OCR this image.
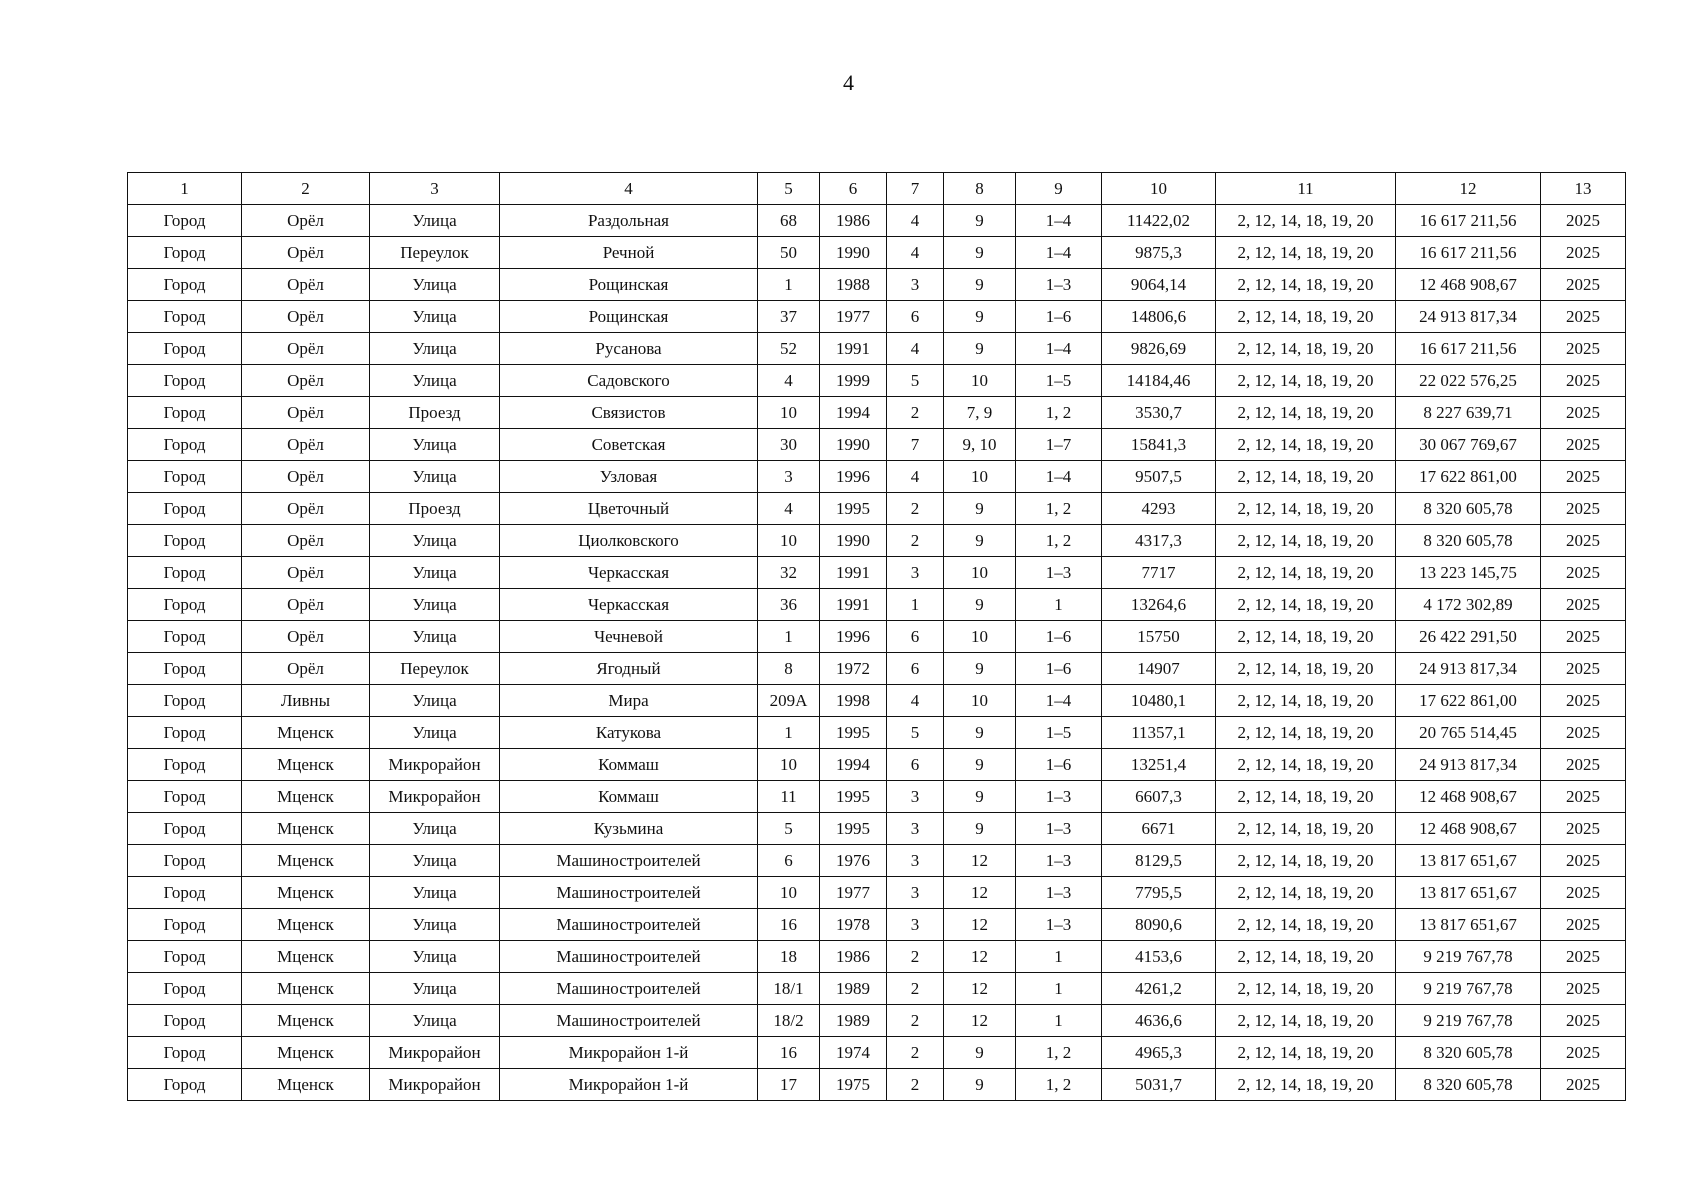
4
1	2	3	4	5	6	7	8	9	10	11	12	13
Город	Орёл	Улица	Раздольная	68	1986	4	9	1–4	11422,02	2, 12, 14, 18, 19, 20	16 617 211,56	2025
Город	Орёл	Переулок	Речной	50	1990	4	9	1–4	9875,3	2, 12, 14, 18, 19, 20	16 617 211,56	2025
Город	Орёл	Улица	Рощинская	1	1988	3	9	1–3	9064,14	2, 12, 14, 18, 19, 20	12 468 908,67	2025
Город	Орёл	Улица	Рощинская	37	1977	6	9	1–6	14806,6	2, 12, 14, 18, 19, 20	24 913 817,34	2025
Город	Орёл	Улица	Русанова	52	1991	4	9	1–4	9826,69	2, 12, 14, 18, 19, 20	16 617 211,56	2025
Город	Орёл	Улица	Садовского	4	1999	5	10	1–5	14184,46	2, 12, 14, 18, 19, 20	22 022 576,25	2025
Город	Орёл	Проезд	Связистов	10	1994	2	7, 9	1, 2	3530,7	2, 12, 14, 18, 19, 20	8 227 639,71	2025
Город	Орёл	Улица	Советская	30	1990	7	9, 10	1–7	15841,3	2, 12, 14, 18, 19, 20	30 067 769,67	2025
Город	Орёл	Улица	Узловая	3	1996	4	10	1–4	9507,5	2, 12, 14, 18, 19, 20	17 622 861,00	2025
Город	Орёл	Проезд	Цветочный	4	1995	2	9	1, 2	4293	2, 12, 14, 18, 19, 20	8 320 605,78	2025
Город	Орёл	Улица	Циолковского	10	1990	2	9	1, 2	4317,3	2, 12, 14, 18, 19, 20	8 320 605,78	2025
Город	Орёл	Улица	Черкасская	32	1991	3	10	1–3	7717	2, 12, 14, 18, 19, 20	13 223 145,75	2025
Город	Орёл	Улица	Черкасская	36	1991	1	9	1	13264,6	2, 12, 14, 18, 19, 20	4 172 302,89	2025
Город	Орёл	Улица	Чечневой	1	1996	6	10	1–6	15750	2, 12, 14, 18, 19, 20	26 422 291,50	2025
Город	Орёл	Переулок	Ягодный	8	1972	6	9	1–6	14907	2, 12, 14, 18, 19, 20	24 913 817,34	2025
Город	Ливны	Улица	Мира	209А	1998	4	10	1–4	10480,1	2, 12, 14, 18, 19, 20	17 622 861,00	2025
Город	Мценск	Улица	Катукова	1	1995	5	9	1–5	11357,1	2, 12, 14, 18, 19, 20	20 765 514,45	2025
Город	Мценск	Микрорайон	Коммаш	10	1994	6	9	1–6	13251,4	2, 12, 14, 18, 19, 20	24 913 817,34	2025
Город	Мценск	Микрорайон	Коммаш	11	1995	3	9	1–3	6607,3	2, 12, 14, 18, 19, 20	12 468 908,67	2025
Город	Мценск	Улица	Кузьмина	5	1995	3	9	1–3	6671	2, 12, 14, 18, 19, 20	12 468 908,67	2025
Город	Мценск	Улица	Машиностроителей	6	1976	3	12	1–3	8129,5	2, 12, 14, 18, 19, 20	13 817 651,67	2025
Город	Мценск	Улица	Машиностроителей	10	1977	3	12	1–3	7795,5	2, 12, 14, 18, 19, 20	13 817 651,67	2025
Город	Мценск	Улица	Машиностроителей	16	1978	3	12	1–3	8090,6	2, 12, 14, 18, 19, 20	13 817 651,67	2025
Город	Мценск	Улица	Машиностроителей	18	1986	2	12	1	4153,6	2, 12, 14, 18, 19, 20	9 219 767,78	2025
Город	Мценск	Улица	Машиностроителей	18/1	1989	2	12	1	4261,2	2, 12, 14, 18, 19, 20	9 219 767,78	2025
Город	Мценск	Улица	Машиностроителей	18/2	1989	2	12	1	4636,6	2, 12, 14, 18, 19, 20	9 219 767,78	2025
Город	Мценск	Микрорайон	Микрорайон 1-й	16	1974	2	9	1, 2	4965,3	2, 12, 14, 18, 19, 20	8 320 605,78	2025
Город	Мценск	Микрорайон	Микрорайон 1-й	17	1975	2	9	1, 2	5031,7	2, 12, 14, 18, 19, 20	8 320 605,78	2025
